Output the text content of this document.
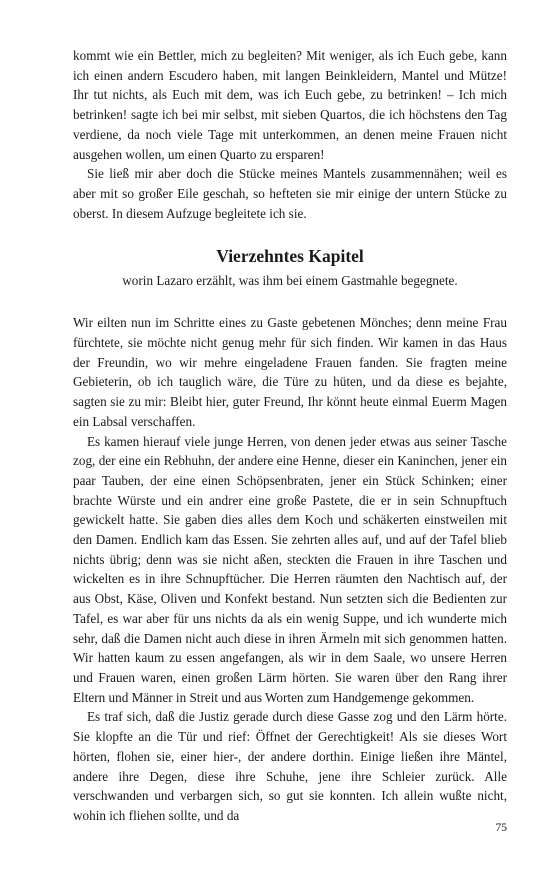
kommt wie ein Bettler, mich zu begleiten? Mit weniger, als ich Euch gebe, kann ich einen andern Escudero haben, mit langen Beinkleidern, Mantel und Mütze! Ihr tut nichts, als Euch mit dem, was ich Euch gebe, zu betrinken! – Ich mich betrinken! sagte ich bei mir selbst, mit sieben Quartos, die ich höchstens den Tag verdiene, da noch viele Tage mit unterkommen, an denen meine Frauen nicht ausgehen wollen, um einen Quarto zu ersparen!

Sie ließ mir aber doch die Stücke meines Mantels zusammennähen; weil es aber mit so großer Eile geschah, so hefteten sie mir einige der untern Stücke zu oberst. In diesem Aufzuge begleitete ich sie.

Vierzehntes Kapitel

worin Lazaro erzählt, was ihm bei einem Gastmahle begegnete.

Wir eilten nun im Schritte eines zu Gaste gebetenen Mönches; denn meine Frau fürchtete, sie möchte nicht genug mehr für sich finden. Wir kamen in das Haus der Freundin, wo wir mehre eingeladene Frauen fanden. Sie fragten meine Gebieterin, ob ich tauglich wäre, die Türe zu hüten, und da diese es bejahte, sagten sie zu mir: Bleibt hier, guter Freund, Ihr könnt heute einmal Euerm Magen ein Labsal verschaffen.

Es kamen hierauf viele junge Herren, von denen jeder etwas aus seiner Tasche zog, der eine ein Rebhuhn, der andere eine Henne, dieser ein Kaninchen, jener ein paar Tauben, der eine einen Schöpsenbraten, jener ein Stück Schinken; einer brachte Würste und ein andrer eine große Pastete, die er in sein Schnupftuch gewickelt hatte. Sie gaben dies alles dem Koch und schäkerten einstweilen mit den Damen. Endlich kam das Essen. Sie zehrten alles auf, und auf der Tafel blieb nichts übrig; denn was sie nicht aßen, steckten die Frauen in ihre Taschen und wickelten es in ihre Schnupftücher. Die Herren räumten den Nachtisch auf, der aus Obst, Käse, Oliven und Konfekt bestand. Nun setzten sich die Bedienten zur Tafel, es war aber für uns nichts da als ein wenig Suppe, und ich wunderte mich sehr, daß die Damen nicht auch diese in ihren Ärmeln mit sich genommen hatten. Wir hatten kaum zu essen angefangen, als wir in dem Saale, wo unsere Herren und Frauen waren, einen großen Lärm hörten. Sie waren über den Rang ihrer Eltern und Männer in Streit und aus Worten zum Handgemenge gekommen.

Es traf sich, daß die Justiz gerade durch diese Gasse zog und den Lärm hörte. Sie klopfte an die Tür und rief: Öffnet der Gerechtigkeit! Als sie dieses Wort hörten, flohen sie, einer hier-, der andere dorthin. Einige ließen ihre Mäntel, andere ihre Degen, diese ihre Schuhe, jene ihre Schleier zurück. Alle verschwanden und verbargen sich, so gut sie konnten. Ich allein wußte nicht, wohin ich fliehen sollte, und da

75
